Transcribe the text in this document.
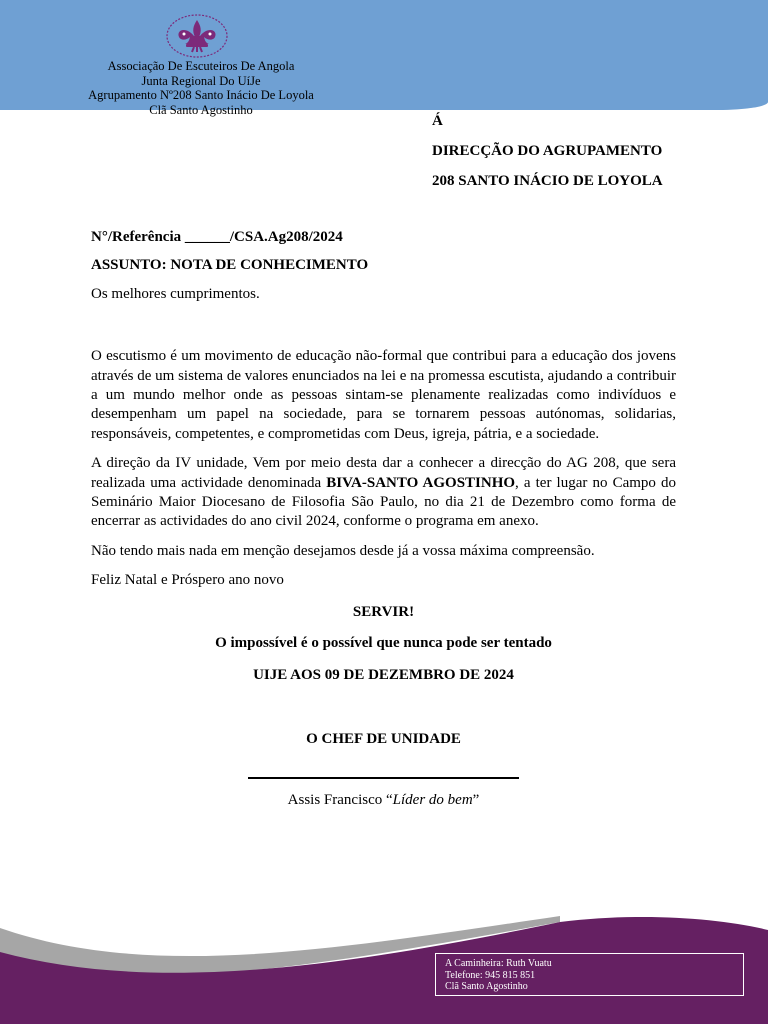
Associação De Escuteiros De Angola
Junta Regional Do UíJe
Agrupamento Nº208 Santo Inácio De Loyola
Clã Santo Agostinho
Á
DIRECÇÃO DO AGRUPAMENTO
208 SANTO INÁCIO DE LOYOLA

N°/Referência ______/CSA.Ag208/2024

ASSUNTO: NOTA DE CONHECIMENTO

Os melhores cumprimentos.

O escutismo é um movimento de educação não-formal que contribui para a educação dos jovens através de um sistema de valores enunciados na lei e na promessa escutista, ajudando a contribuir a um mundo melhor onde as pessoas sintam-se plenamente realizadas como indivíduos e desempenham um papel na sociedade, para se tornarem pessoas autónomas, solidarias, responsáveis, competentes, e comprometidas com Deus, igreja, pátria, e a sociedade.

A direção da IV unidade, Vem por meio desta dar a conhecer a direcção do AG 208, que sera realizada uma actividade denominada BIVA-SANTO AGOSTINHO, a ter lugar no Campo do Seminário Maior Diocesano de Filosofia São Paulo, no dia 21 de Dezembro como forma de encerrar as actividades do ano civil 2024, conforme o programa em anexo.

Não tendo mais nada em menção desejamos desde já a vossa máxima compreensão.

Feliz Natal e Próspero ano novo

SERVIR!

O impossível é o possível que nunca pode ser tentado

UIJE AOS 09 DE DEZEMBRO DE 2024

O CHEF DE UNIDADE

Assis Francisco “Líder do bem”

A Caminheira: Ruth Vuatu
Telefone: 945 815 851
Clã Santo Agostinho
